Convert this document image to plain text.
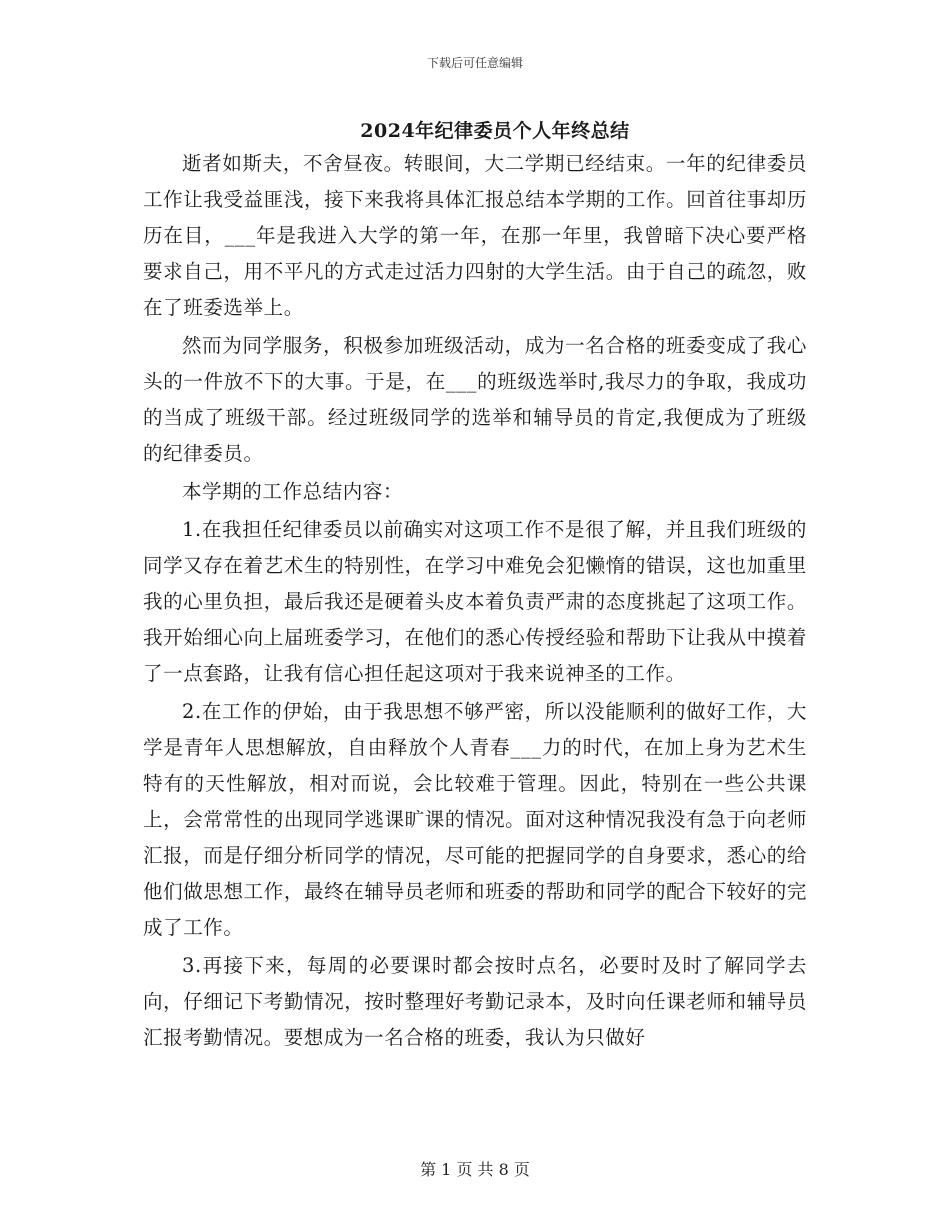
下载后可任意编辑
2024年纪律委员个人年终总结

逝者如斯夫，不舍昼夜。转眼间，大二学期已经结束。一年的纪律委员工作让我受益匪浅，接下来我将具体汇报总结本学期的工作。回首往事却历历在目，___年是我进入大学的第一年，在那一年里，我曾暗下决心要严格要求自己，用不平凡的方式走过活力四射的大学生活。由于自己的疏忽，败在了班委选举上。

然而为同学服务，积极参加班级活动，成为一名合格的班委变成了我心头的一件放不下的大事。于是，在___的班级选举时,我尽力的争取，我成功的当成了班级干部。经过班级同学的选举和辅导员的肯定,我便成为了班级的纪律委员。

本学期的工作总结内容：

1.在我担任纪律委员以前确实对这项工作不是很了解，并且我们班级的同学又存在着艺术生的特别性，在学习中难免会犯懒惰的错误，这也加重里我的心里负担，最后我还是硬着头皮本着负责严肃的态度挑起了这项工作。我开始细心向上届班委学习，在他们的悉心传授经验和帮助下让我从中摸着了一点套路，让我有信心担任起这项对于我来说神圣的工作。

2.在工作的伊始，由于我思想不够严密，所以没能顺利的做好工作，大学是青年人思想解放，自由释放个人青春___力的时代，在加上身为艺术生特有的天性解放，相对而说，会比较难于管理。因此，特别在一些公共课上，会常常性的出现同学逃课旷课的情况。面对这种情况我没有急于向老师汇报，而是仔细分析同学的情况，尽可能的把握同学的自身要求，悉心的给他们做思想工作，最终在辅导员老师和班委的帮助和同学的配合下较好的完成了工作。

3.再接下来，每周的必要课时都会按时点名，必要时及时了解同学去向，仔细记下考勤情况，按时整理好考勤记录本，及时向任课老师和辅导员汇报考勤情况。要想成为一名合格的班委，我认为只做好

第 1 页 共 8 页
